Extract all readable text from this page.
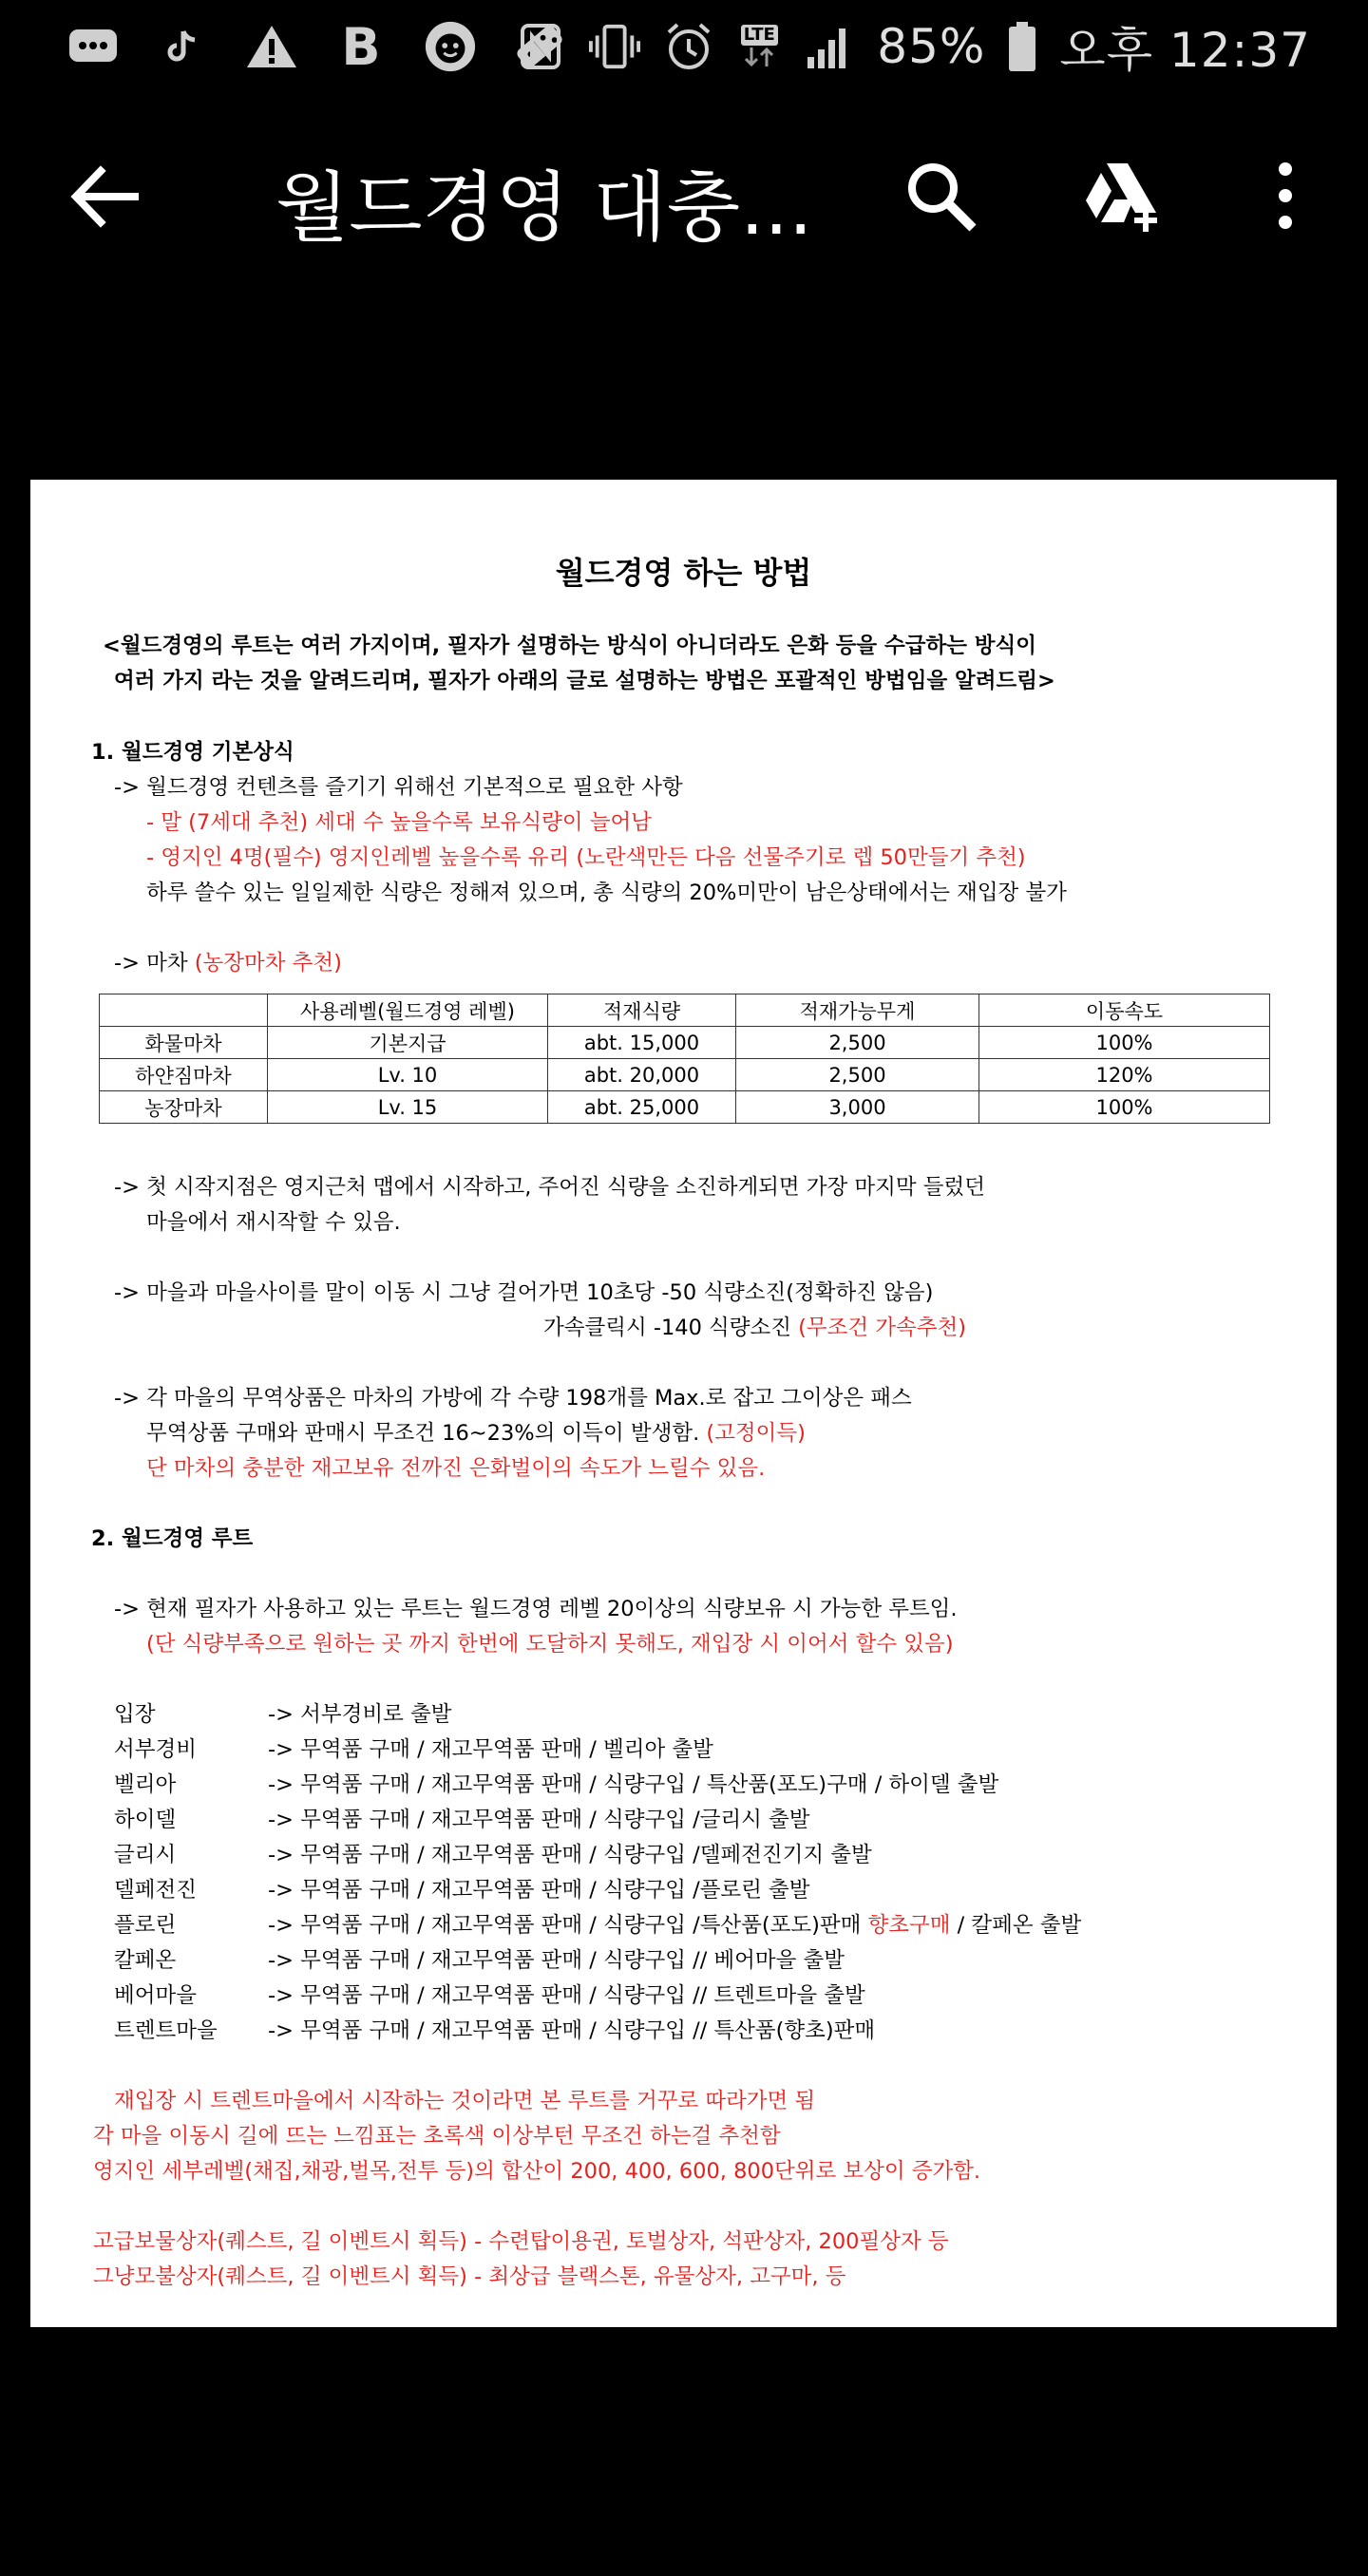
B	LTE 85% 오후 12:37
월드경영 대충...
월드경영 하는 방법
<월드경영의 루트는 여러 가지이며, 필자가 설명하는 방식이 아니더라도 은화 등을 수급하는 방식이
여러 가지 라는 것을 알려드리며, 필자가 아래의 글로 설명하는 방법은 포괄적인 방법임을 알려드림>
1. 월드경영 기본상식
-> 월드경영 컨텐츠를 즐기기 위해선 기본적으로 필요한 사항
- 말 (7세대 추천) 세대 수 높을수록 보유식량이 늘어남
- 영지인 4명(필수) 영지인레벨 높을수록 유리 (노란색만든 다음 선물주기로 렙 50만들기 추천)
하루 쓸수 있는 일일제한 식량은 정해져 있으며, 총 식량의 20%미만이 남은상태에서는 재입장 불가
-> 마차 (농장마차 추천)
	사용레벨(월드경영 레벨)	적재식량	적재가능무게	이동속도
화물마차	기본지급	abt. 15,000	2,500	100%
하얀짐마차	Lv. 10	abt. 20,000	2,500	120%
농장마차	Lv. 15	abt. 25,000	3,000	100%
-> 첫 시작지점은 영지근처 맵에서 시작하고, 주어진 식량을 소진하게되면 가장 마지막 들렀던
마을에서 재시작할 수 있음.
-> 마을과 마을사이를 말이 이동 시 그냥 걸어가면 10초당 -50 식량소진(정확하진 않음)
가속클릭시 -140 식량소진 (무조건 가속추천)
-> 각 마을의 무역상품은 마차의 가방에 각 수량 198개를 Max.로 잡고 그이상은 패스
무역상품 구매와 판매시 무조건 16~23%의 이득이 발생함. (고정이득)
단 마차의 충분한 재고보유 전까진 은화벌이의 속도가 느릴수 있음.
2. 월드경영 루트
-> 현재 필자가 사용하고 있는 루트는 월드경영 레벨 20이상의 식량보유 시 가능한 루트임.
(단 식량부족으로 원하는 곳 까지 한번에 도달하지 못해도, 재입장 시 이어서 할수 있음)
입장	-> 서부경비로 출발
서부경비	-> 무역품 구매 / 재고무역품 판매 / 벨리아 출발
벨리아	-> 무역품 구매 / 재고무역품 판매 / 식량구입 / 특산품(포도)구매 / 하이델 출발
하이델	-> 무역품 구매 / 재고무역품 판매 / 식량구입 /글리시 출발
글리시	-> 무역품 구매 / 재고무역품 판매 / 식량구입 /델페전진기지 출발
델페전진	-> 무역품 구매 / 재고무역품 판매 / 식량구입 /플로린 출발
플로린	-> 무역품 구매 / 재고무역품 판매 / 식량구입 /특산품(포도)판매 향초구매 / 칼페온 출발
칼페온	-> 무역품 구매 / 재고무역품 판매 / 식량구입 // 베어마을 출발
베어마을	-> 무역품 구매 / 재고무역품 판매 / 식량구입 // 트렌트마을 출발
트렌트마을 -> 무역품 구매 / 재고무역품 판매 / 식량구입 // 특산품(향초)판매
재입장 시 트렌트마을에서 시작하는 것이라면 본 루트를 거꾸로 따라가면 됨
각 마을 이동시 길에 뜨는 느낌표는 초록색 이상부턴 무조건 하는걸 추천함
영지인 세부레벨(채집,채광,벌목,전투 등)의 합산이 200, 400, 600, 800단위로 보상이 증가함.
고급보물상자(퀘스트, 길 이벤트시 획득) - 수련탑이용권, 토벌상자, 석판상자, 200필상자 등
그냥모불상자(퀘스트, 길 이벤트시 획득) - 최상급 블랙스톤, 유물상자, 고구마, 등
